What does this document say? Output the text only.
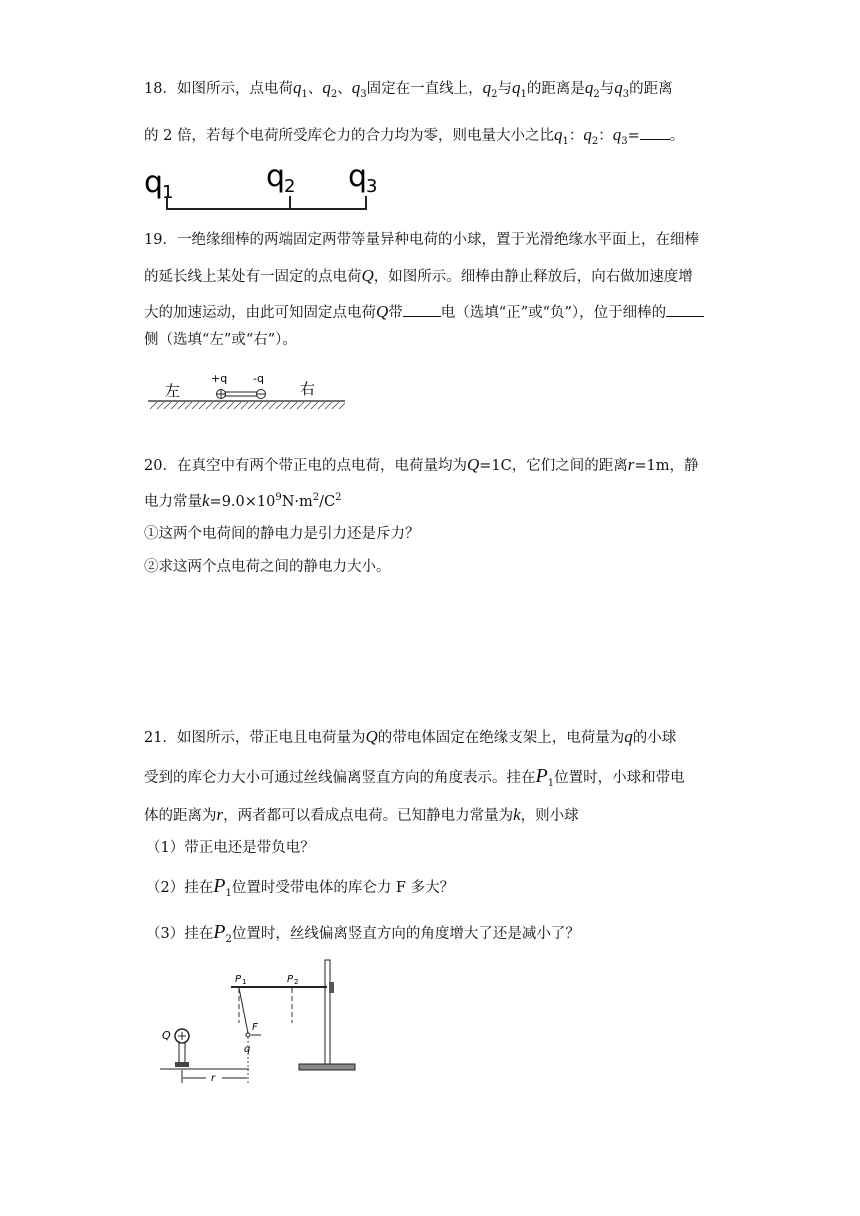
18．如图所示，点电荷$q_1$、$q_2$、$q_3$固定在一直线上，$q_2$与$q_1$的距离是$q_2$与$q_3$的距离
的 2 倍，若每个电荷所受库仑力的合力均为零，则电量大小之比$q_1$：$q_2$：$q_3=$ 。
q
1	q
2 q
3
19．一绝缘细棒的两端固定两带等量异种电荷的小球，置于光滑绝缘水平面上，在细棒
的延长线上某处有一固定的点电荷Q，如图所示。细棒由静止释放后，向右做加速度增
大的加速运动，由此可知固定点电荷Q带	电（选填“正”或“负”），位于细棒的
侧（选填“左”或“右”）。
左	右
+q -q
20．在真空中有两个带正电的点电荷，电荷量均为Q=1C，它们之间的距离r=1m，静
电力常量$k=9.0\times 10^9N\cdot m^2/C^2$
①这两个电荷间的静电力是引力还是斥力？
②求这两个点电荷之间的静电力大小。
21．如图所示，带正电且电荷量为Q的带电体固定在绝缘支架上，电荷量为q的小球
受到的库仑力大小可通过丝线偏离竖直方向的角度表示。挂在$P_1$位置时，小球和带电
体的距离为r，两者都可以看成点电荷。已知静电力常量为k，则小球
（1）带正电还是带负电？
（2）挂在$P_1$位置时受带电体的库仑力 F 多大？
（3）挂在$P_2$位置时，丝线偏离竖直方向的角度增大了还是减小了？
P 1	P 2
F
q
Q
r
